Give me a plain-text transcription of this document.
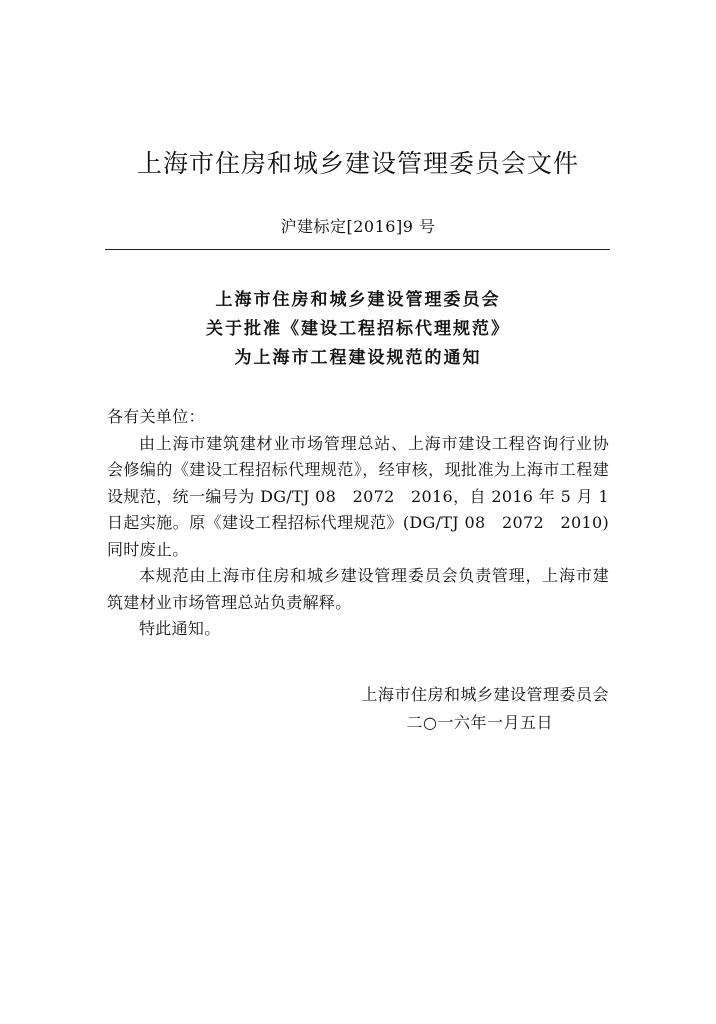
上海市住房和城乡建设管理委员会文件
沪建标定[2016]9 号
上海市住房和城乡建设管理委员会
关于批准《建设工程招标代理规范》
为上海市工程建设规范的通知

各有关单位：

由上海市建筑建材业市场管理总站、上海市建设工程咨询行业协会修编的《建设工程招标代理规范》，经审核，现批准为上海市工程建设规范，统一编号为 DG/TJ 08　2072　2016，自 2016 年 5 月 1 日起实施。原《建设工程招标代理规范》(DG/TJ 08　2072　2010)同时废止。

本规范由上海市住房和城乡建设管理委员会负责管理，上海市建筑建材业市场管理总站负责解释。

特此通知。

上海市住房和城乡建设管理委员会
二○一六年一月五日
